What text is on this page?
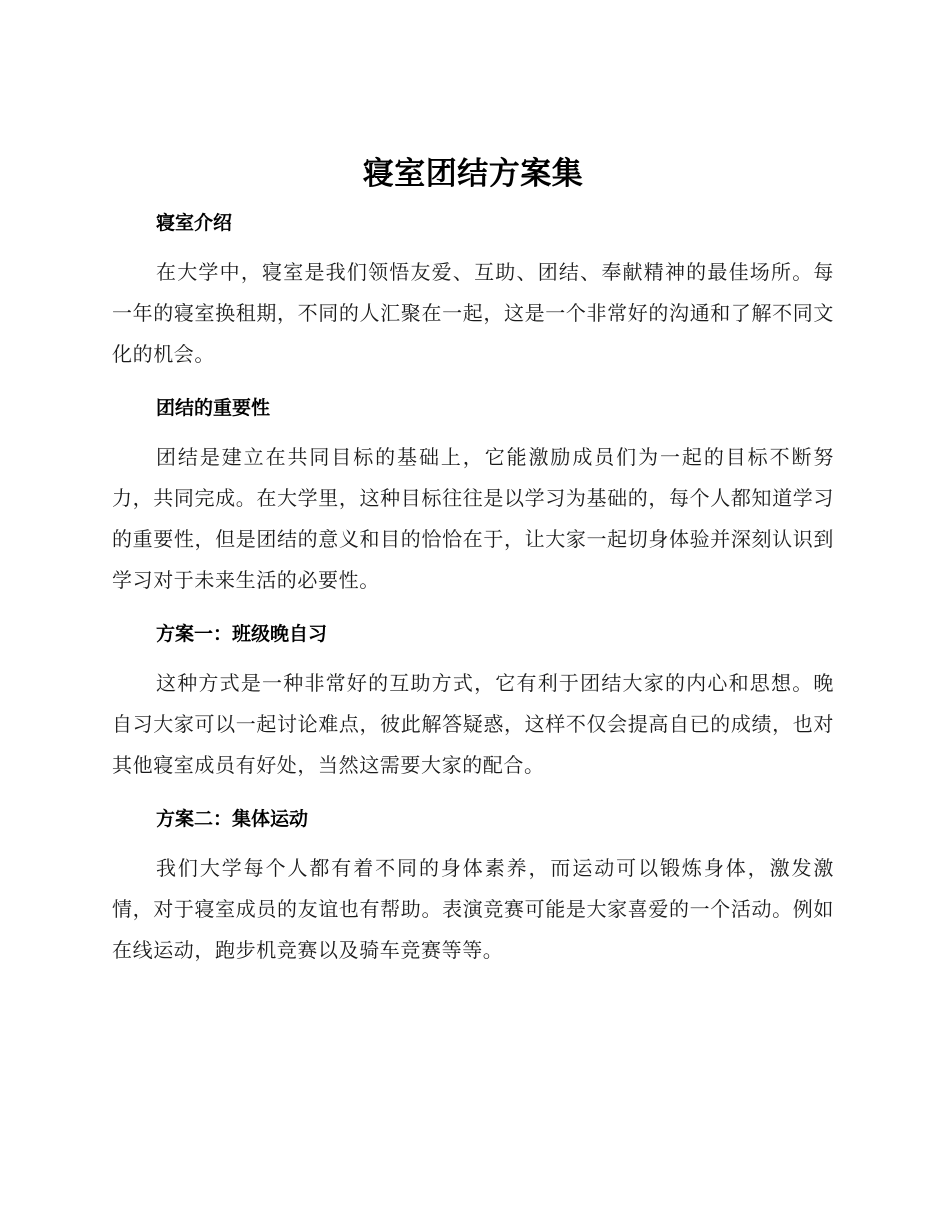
寝室团结方案集
寝室介绍

在大学中，寝室是我们领悟友爱、互助、团结、奉献精神的最佳场所。每一年的寝室换租期，不同的人汇聚在一起，这是一个非常好的沟通和了解不同文化的机会。

团结的重要性

团结是建立在共同目标的基础上，它能激励成员们为一起的目标不断努力，共同完成。在大学里，这种目标往往是以学习为基础的，每个人都知道学习的重要性，但是团结的意义和目的恰恰在于，让大家一起切身体验并深刻认识到学习对于未来生活的必要性。

方案一：班级晚自习

这种方式是一种非常好的互助方式，它有利于团结大家的内心和思想。晚自习大家可以一起讨论难点，彼此解答疑惑，这样不仅会提高自已的成绩，也对其他寝室成员有好处，当然这需要大家的配合。

方案二：集体运动

我们大学每个人都有着不同的身体素养，而运动可以锻炼身体，激发激情，对于寝室成员的友谊也有帮助。表演竞赛可能是大家喜爱的一个活动。例如在线运动，跑步机竞赛以及骑车竞赛等等。
